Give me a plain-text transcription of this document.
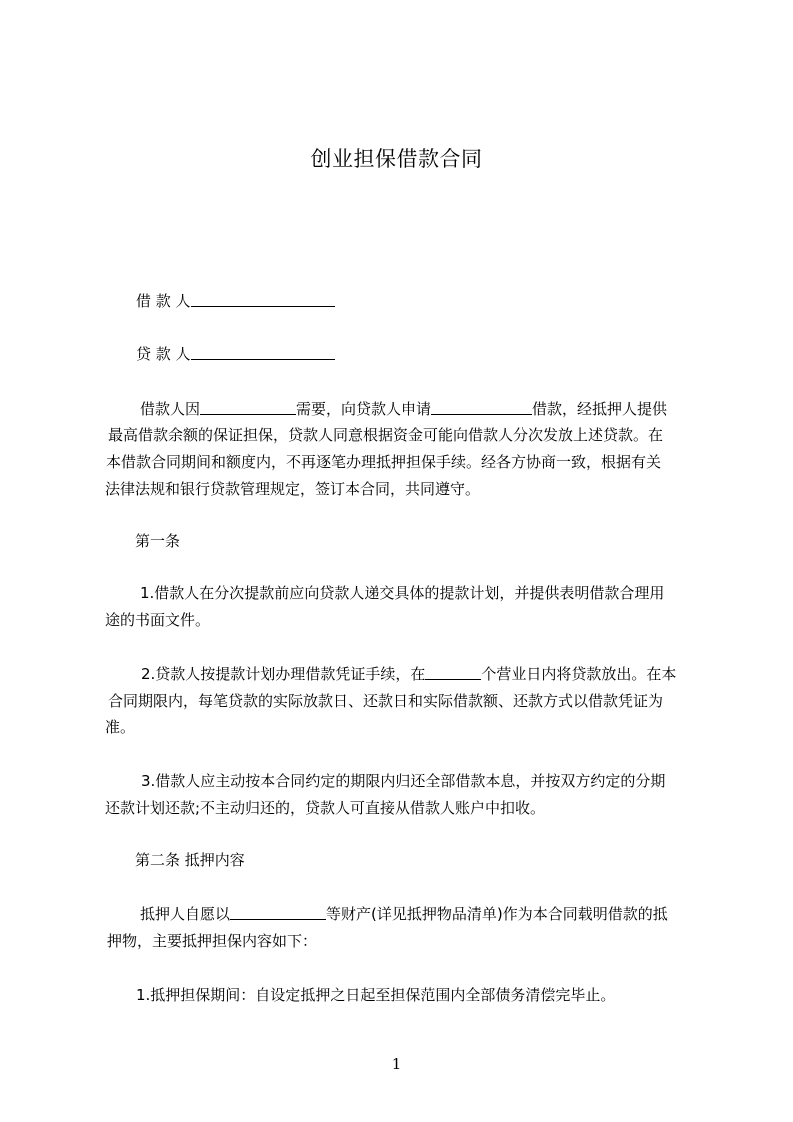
创业担保借款合同
借 款 人
贷 款 人
借款人因	需要，向贷款人申请	借款，经抵押人提供
最高借款余额的保证担保，贷款人同意根据资金可能向借款人分次发放上述贷款。在
本借款合同期间和额度内，不再逐笔办理抵押担保手续。经各方协商一致，根据有关
法律法规和银行贷款管理规定，签订本合同，共同遵守。
第一条
1.借款人在分次提款前应向贷款人递交具体的提款计划，并提供表明借款合理用
途的书面文件。
2.贷款人按提款计划办理借款凭证手续，在	个营业日内将贷款放出。在本
合同期限内，每笔贷款的实际放款日、还款日和实际借款额、还款方式以借款凭证为
准。
3.借款人应主动按本合同约定的期限内归还全部借款本息，并按双方约定的分期
还款计划还款;不主动归还的，贷款人可直接从借款人账户中扣收。
第二条 抵押内容
抵押人自愿以	等财产(详见抵押物品清单)作为本合同载明借款的抵
押物，主要抵押担保内容如下：
1.抵押担保期间：自设定抵押之日起至担保范围内全部债务清偿完毕止。
1
